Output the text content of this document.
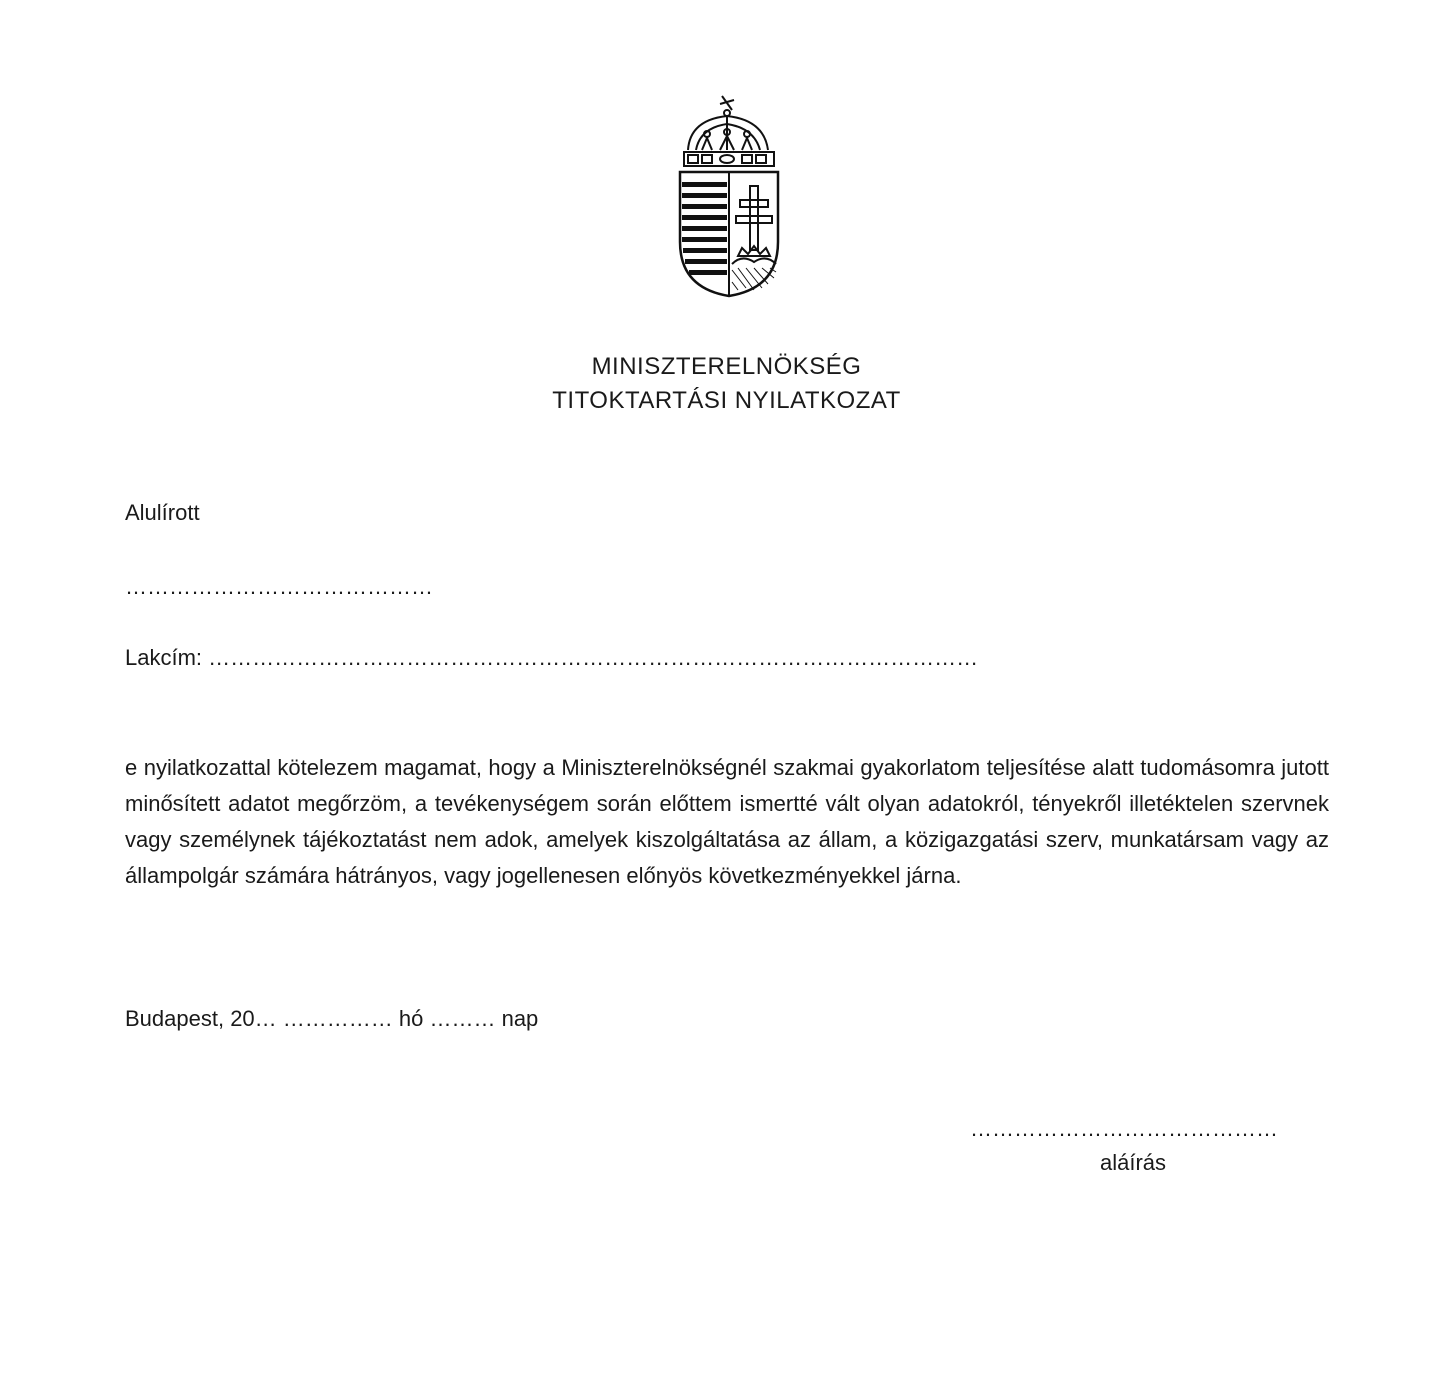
MINISZTERELNÖKSÉG
TITOKTARTÁSI NYILATKOZAT
Alulírott
……………………………………
Lakcím: ……………………………………………………………………………………………
e nyilatkozattal kötelezem magamat, hogy a Miniszterelnökségnél szakmai gyakorlatom teljesítése alatt tudomásomra jutott minősített adatot megőrzöm, a tevékenységem során előttem ismertté vált olyan adatokról, tényekről illetéktelen szervnek vagy személynek tájékoztatást nem adok, amelyek kiszolgáltatása az állam, a közigazgatási szerv, munkatársam vagy az állampolgár számára hátrányos, vagy jogellenesen előnyös következményekkel járna.
Budapest, 20… …………… hó ……… nap
……………………………………
aláírás
